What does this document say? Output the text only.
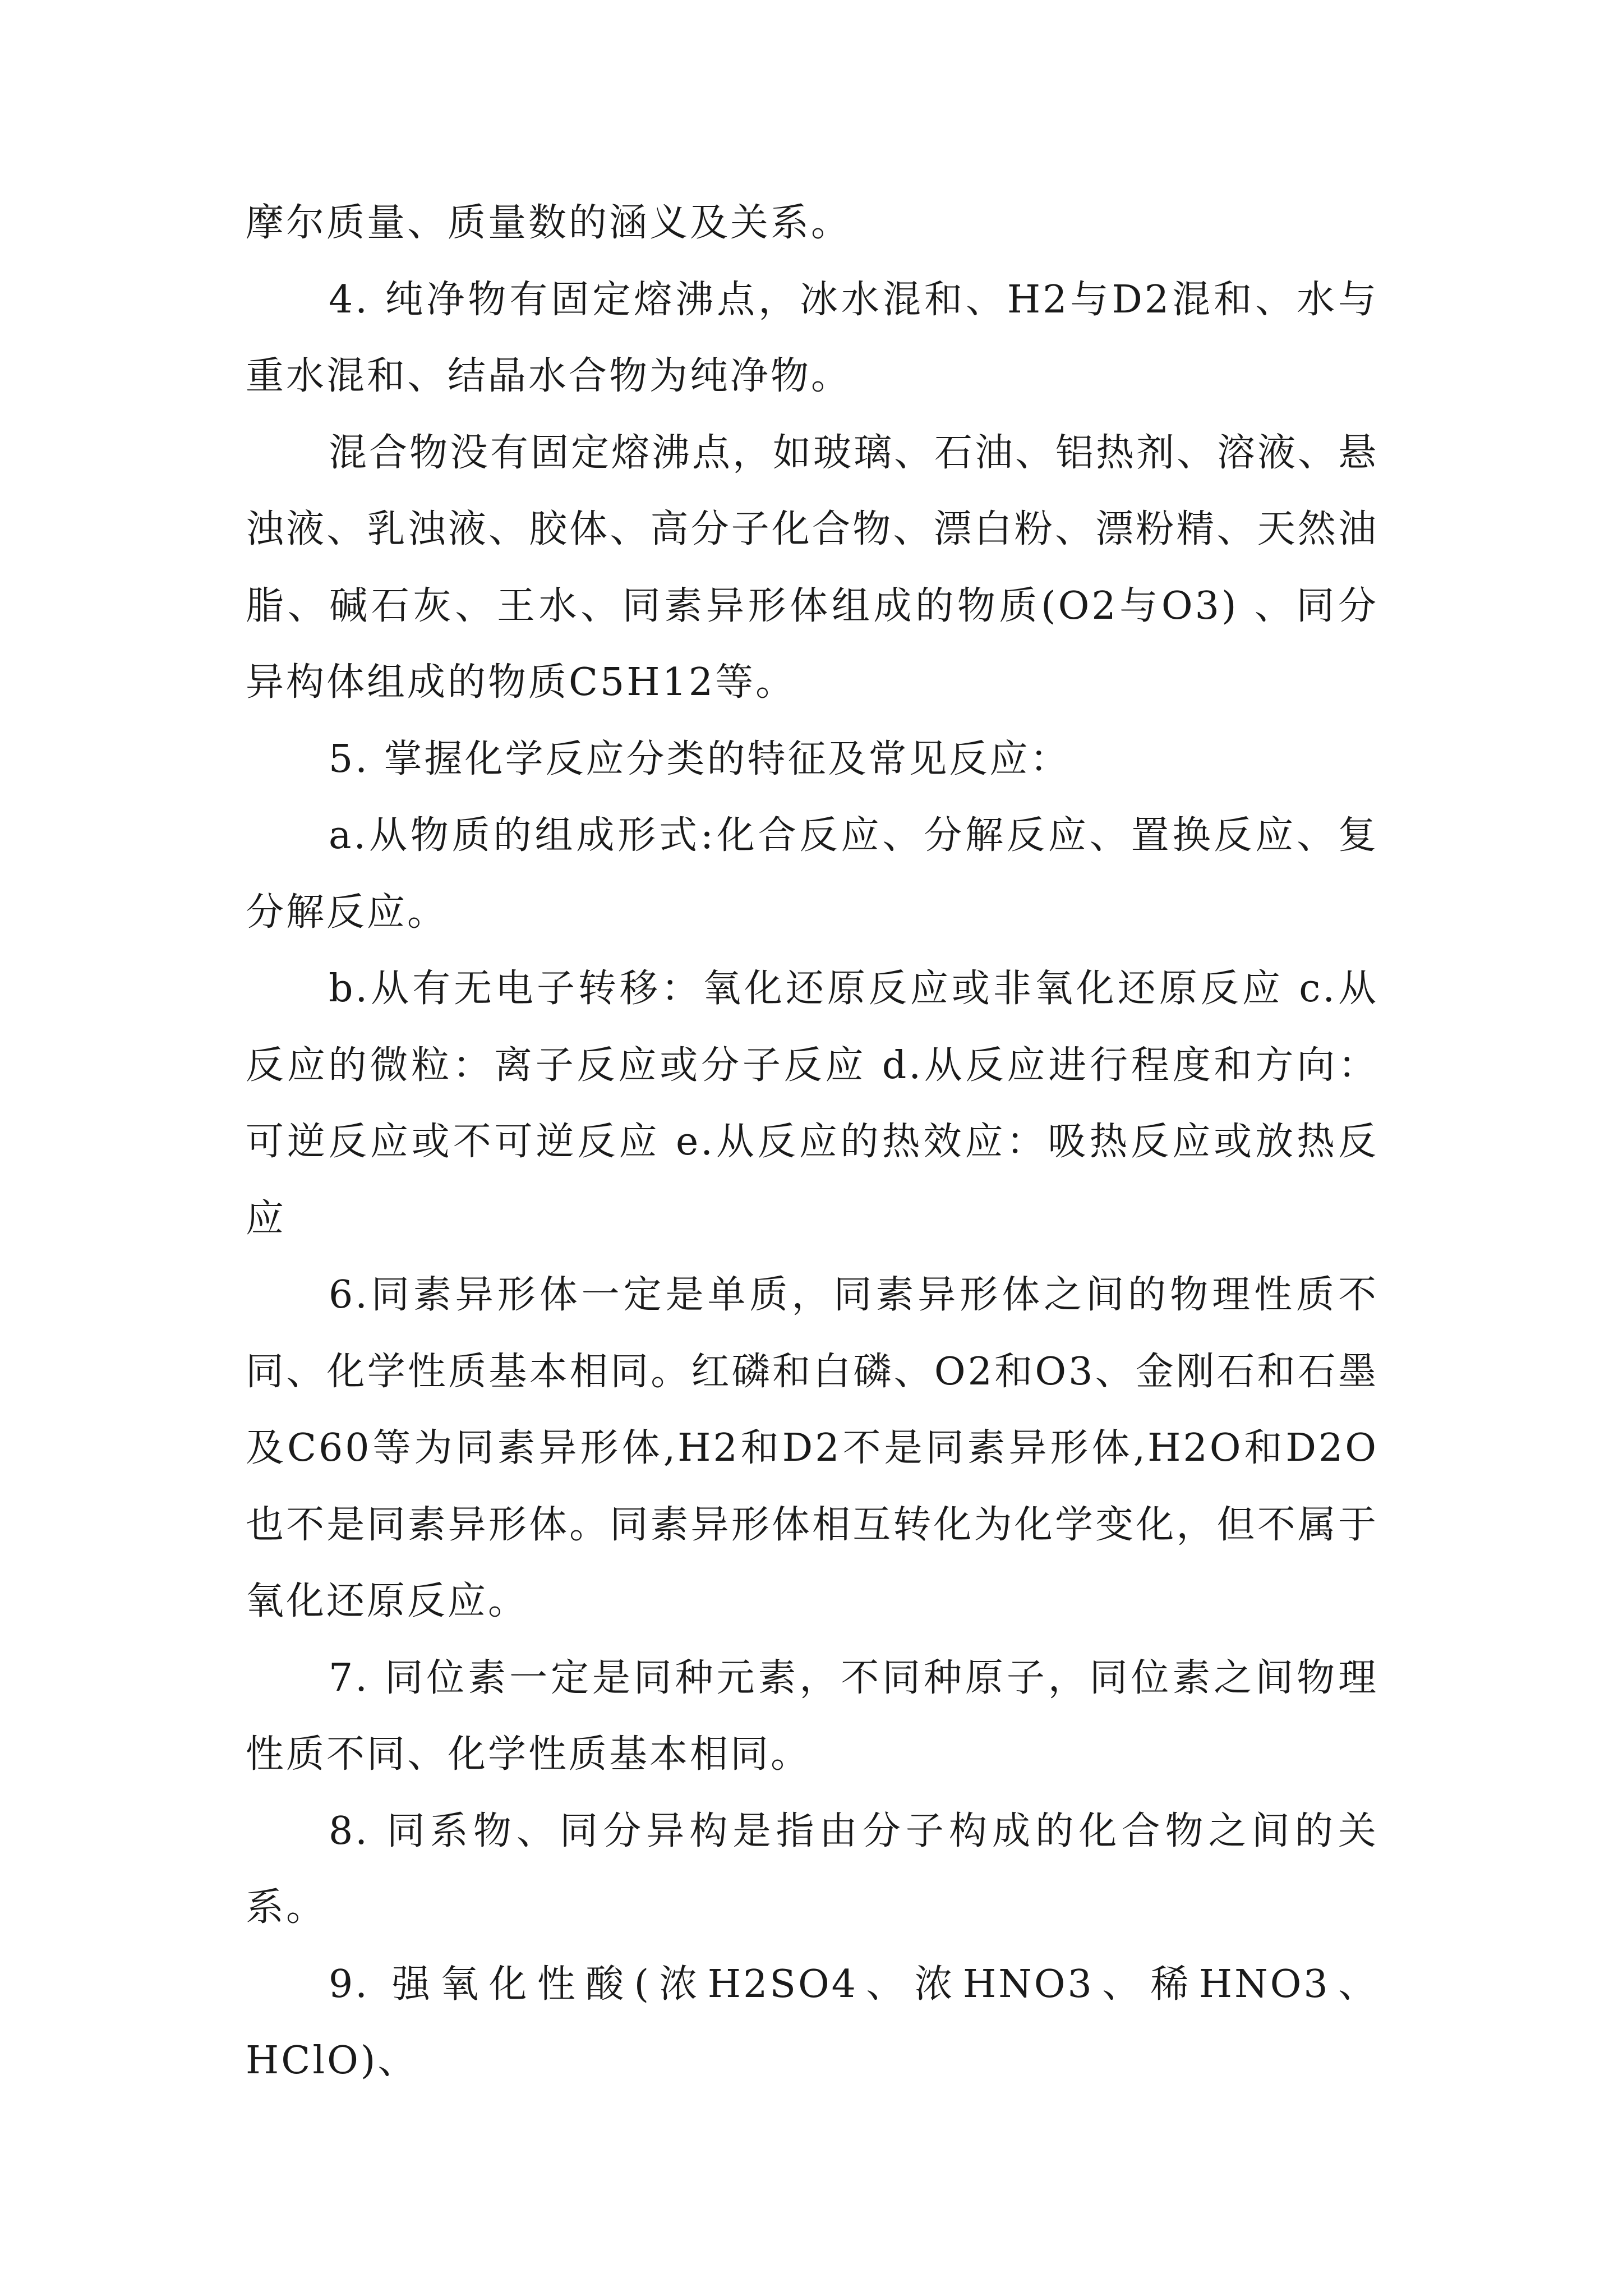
摩尔质量、质量数的涵义及关系。

4. 纯净物有固定熔沸点，冰水混和、H2与D2混和、水与重水混和、结晶水合物为纯净物。

混合物没有固定熔沸点，如玻璃、石油、铝热剂、溶液、悬浊液、乳浊液、胶体、高分子化合物、漂白粉、漂粉精、天然油脂、碱石灰、王水、同素异形体组成的物质(O2与O3) 、同分异构体组成的物质C5H12等。

5. 掌握化学反应分类的特征及常见反应：

a.从物质的组成形式:化合反应、分解反应、置换反应、复分解反应。

b.从有无电子转移：氧化还原反应或非氧化还原反应 c.从反应的微粒：离子反应或分子反应 d.从反应进行程度和方向：可逆反应或不可逆反应 e.从反应的热效应：吸热反应或放热反应

6.同素异形体一定是单质，同素异形体之间的物理性质不同、化学性质基本相同。红磷和白磷、O2和O3、金刚石和石墨及C60等为同素异形体,H2和D2不是同素异形体,H2O和D2O也不是同素异形体。同素异形体相互转化为化学变化，但不属于氧化还原反应。

7. 同位素一定是同种元素，不同种原子，同位素之间物理性质不同、化学性质基本相同。

8. 同系物、同分异构是指由分子构成的化合物之间的关系。

9. 强氧化性酸(浓H2SO4、浓HNO3、稀HNO3、HClO)、
